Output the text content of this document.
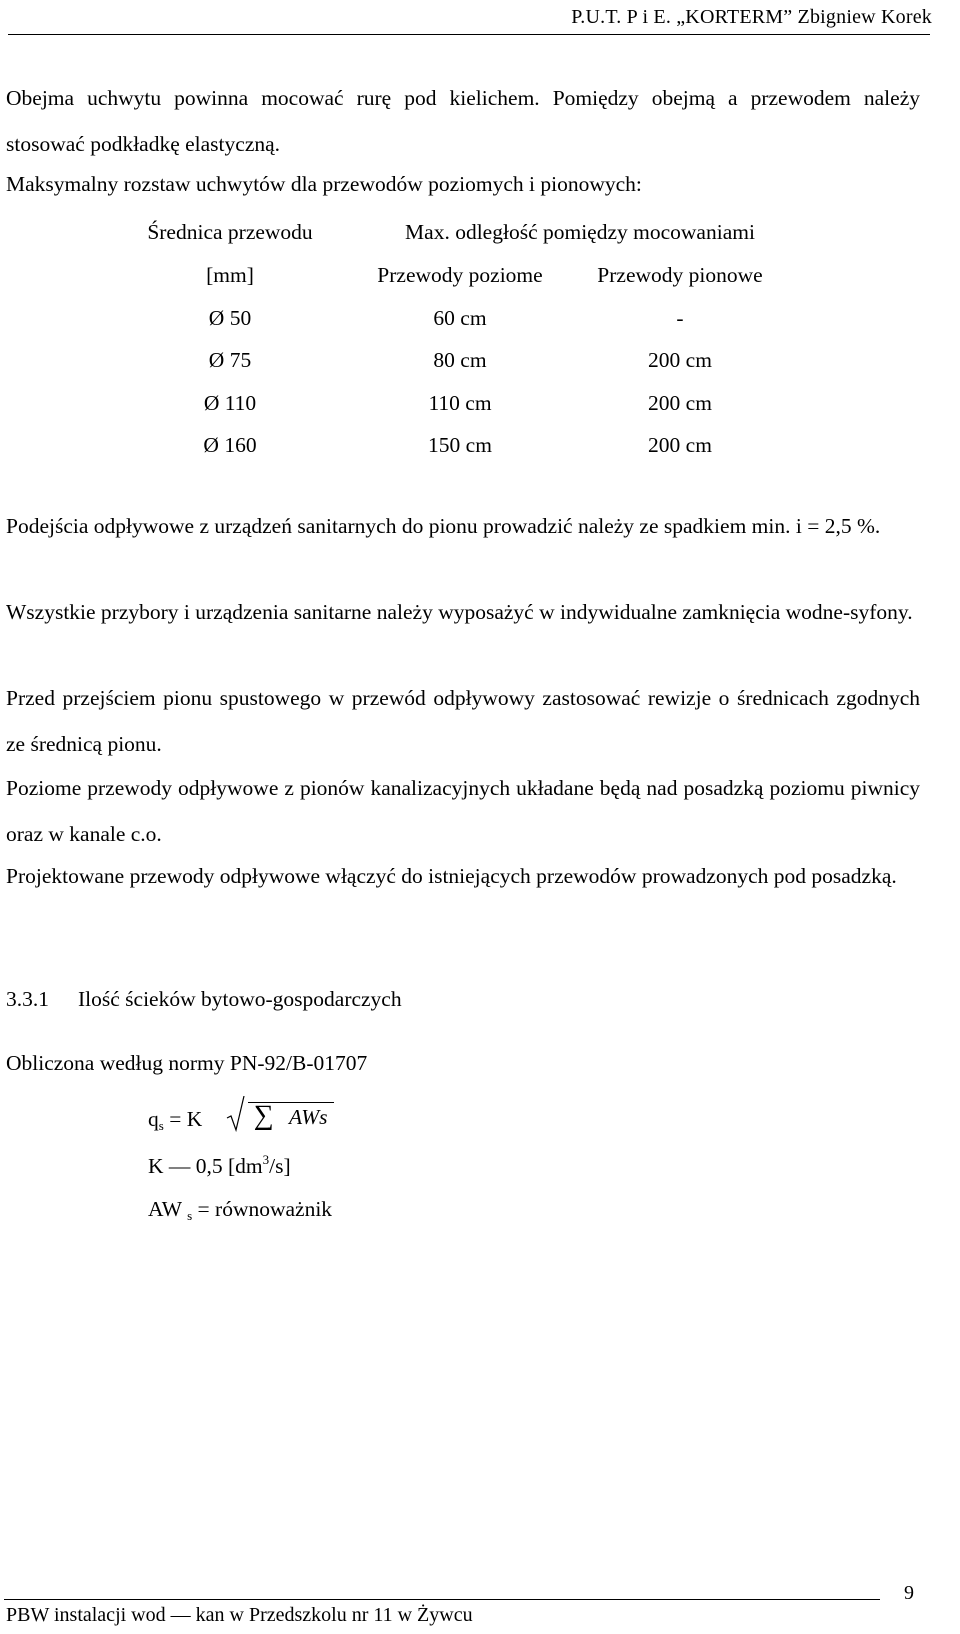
P.U.T. P i E. „KORTERM” Zbigniew Korek
Obejma uchwytu powinna mocować rurę pod kielichem. Pomiędzy obejmą a przewodem należy stosować podkładkę elastyczną.
Maksymalny rozstaw uchwytów dla przewodów poziomych i pionowych:
Średnica przewodu	Max. odległość pomiędzy mocowaniami
[mm]	Przewody poziome	Przewody pionowe
Ø 50	60 cm	-
Ø 75	80 cm	200 cm
Ø 110	110 cm	200 cm
Ø 160	150 cm	200 cm
Podejścia odpływowe z urządzeń sanitarnych do pionu prowadzić należy ze spadkiem min. i = 2,5 %.
Wszystkie przybory i urządzenia sanitarne należy wyposażyć w indywidualne zamknięcia wodne-syfony.
Przed przejściem pionu spustowego w przewód odpływowy zastosować rewizje o średnicach zgodnych ze średnicą pionu.
Poziome przewody odpływowe z pionów kanalizacyjnych układane będą nad posadzką poziomu piwnicy oraz w kanale c.o.
Projektowane przewody odpływowe włączyć do istniejących przewodów prowadzonych pod posadzką.
3.3.1 Ilość ścieków bytowo-gospodarczych
Obliczona według normy PN-92/B-01707
$q_s = K$ ∑ AWs
K — 0,5 $[dm^3/s]$
AW $_s$ = równoważnik
PBW instalacji wod — kan w Przedszkolu nr 11 w Żywcu
9
